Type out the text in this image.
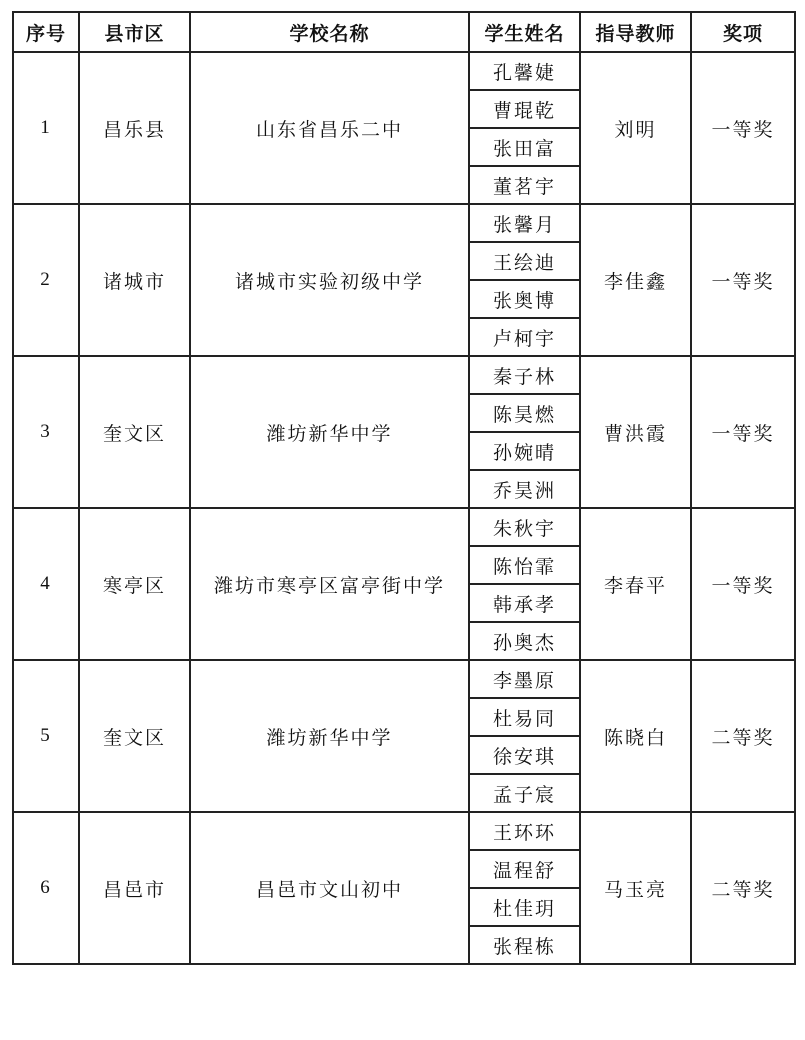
序号	县市区	学校名称	学生姓名	指导教师	奖项
1	昌乐县	山东省昌乐二中	孔馨婕	刘明	一等奖
			曹琨乾		
			张田富		
			董茗宇		
2	诸城市	诸城市实验初级中学	张馨月	李佳鑫	一等奖
			王绘迪		
			张奥博		
			卢柯宇		
3	奎文区	潍坊新华中学	秦子林	曹洪霞	一等奖
			陈昊燃		
			孙婉晴		
			乔昊洲		
4	寒亭区	潍坊市寒亭区富亭街中学	朱秋宇	李春平	一等奖
			陈怡霏		
			韩承孝		
			孙奥杰		
5	奎文区	潍坊新华中学	李墨原	陈晓白	二等奖
			杜易同		
			徐安琪		
			孟子宸		
6	昌邑市	昌邑市文山初中	王环环	马玉亮	二等奖
			温程舒		
			杜佳玥		
			张程栋		
